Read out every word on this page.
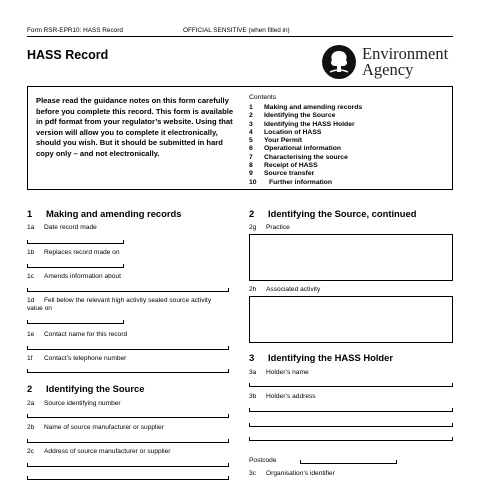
Form RSR-EPR10: HASS Record	OFFICIAL SENSITIVE (when filled in)
HASS Record	Environment
Agency
Please read the guidance notes on this form carefully before you complete this record. This form is available in pdf format from your regulator’s website. Using that version will allow you to complete it electronically, should you wish. But it should be submitted in hard copy only – and not electronically.
Contents
1 Making and amending records
2 Identifying the Source
3 Identifying the HASS Holder
4 Location of HASS
5 Your Permit
6 Operational information
7 Characterising the source
8 Receipt of HASS
9 Source transfer
10 Further information
1 Making and amending records
1a Date record made
1b Replaces record made on
1c Amends information about
1d Fell below the relevant high activity sealed source activity value on
1e Contact name for this record
1f Contact’s telephone number
2 Identifying the Source
2a Source identifying number
2b Name of source manufacturer or supplier
2c Address of source manufacturer or supplier
2 Identifying the Source, continued
2g Practice
2h Associated activity
3 Identifying the HASS Holder
3a Holder’s name
3b Holder’s address
Postcode
3c Organisation’s identifier
